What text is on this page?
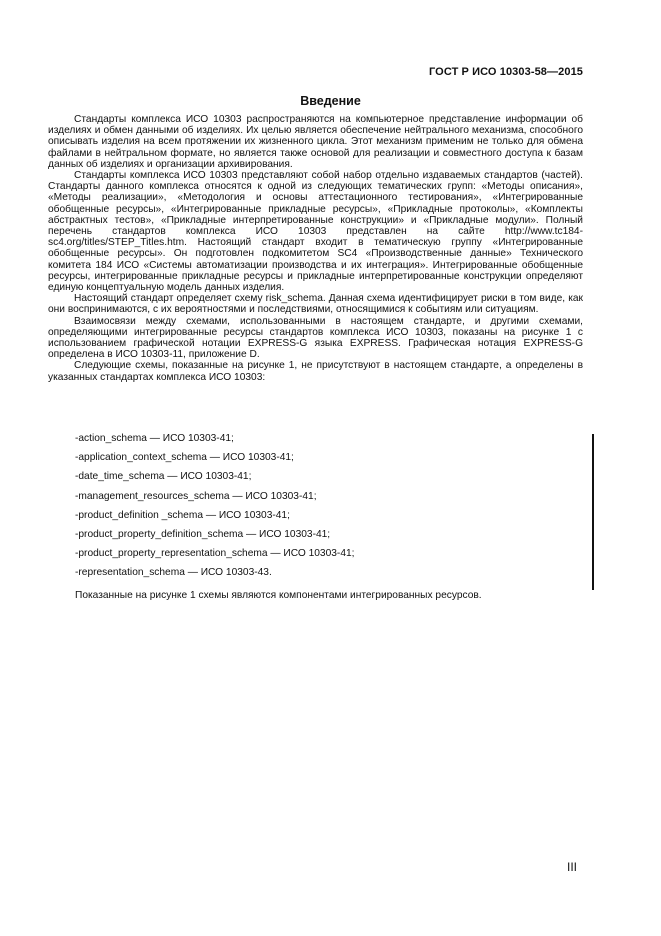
ГОСТ Р ИСО 10303-58—2015
Введение

Стандарты комплекса ИСО 10303 распространяются на компьютерное представление информации об изделиях и обмен данными об изделиях. Их целью является обеспечение нейтрального механизма, способного описывать изделия на всем протяжении их жизненного цикла. Этот механизм применим не только для обмена файлами в нейтральном формате, но является также основой для реализации и совместного доступа к базам данных об изделиях и организации архивирования.

Стандарты комплекса ИСО 10303 представляют собой набор отдельно издаваемых стандартов (частей). Стандарты данного комплекса относятся к одной из следующих тематических групп: «Методы описания», «Методы реализации», «Методология и основы аттестационного тестирования», «Интегрированные обобщенные ресурсы», «Интегрированные прикладные ресурсы», «Прикладные протоколы», «Комплекты абстрактных тестов», «Прикладные интерпретированные конструкции» и «Прикладные модули». Полный перечень стандартов комплекса ИСО 10303 представлен на сайте http://www.tc184-sc4.org/titles/STEP_Titles.htm. Настоящий стандарт входит в тематическую группу «Интегрированные обобщенные ресурсы». Он подготовлен подкомитетом SC4 «Производственные данные» Технического комитета 184 ИСО «Системы автоматизации производства и их интеграция». Интегрированные обобщенные ресурсы, интегрированные прикладные ресурсы и прикладные интерпретированные конструкции определяют единую концептуальную модель данных изделия.

Настоящий стандарт определяет схему risk_schema. Данная схема идентифицирует риски в том виде, как они воспринимаются, с их вероятностями и последствиями, относящимися к событиям или ситуациям.

Взаимосвязи между схемами, использованными в настоящем стандарте, и другими схемами, определяющими интегрированные ресурсы стандартов комплекса ИСО 10303, показаны на рисунке 1 с использованием графической нотации EXPRESS-G языка EXPRESS. Графическая нотация EXPRESS-G определена в ИСО 10303-11, приложение D.

Следующие схемы, показанные на рисунке 1, не присутствуют в настоящем стандарте, а определены в указанных стандартах комплекса ИСО 10303:

-action_schema — ИСО 10303-41;
-application_context_schema — ИСО 10303-41;
-date_time_schema — ИСО 10303-41;
-management_resources_schema — ИСО 10303-41;
-product_definition _schema — ИСО 10303-41;
-product_property_definition_schema — ИСО 10303-41;
-product_property_representation_schema — ИСО 10303-41;
-representation_schema — ИСО 10303-43.
Показанные на рисунке 1 схемы являются компонентами интегрированных ресурсов.
III
